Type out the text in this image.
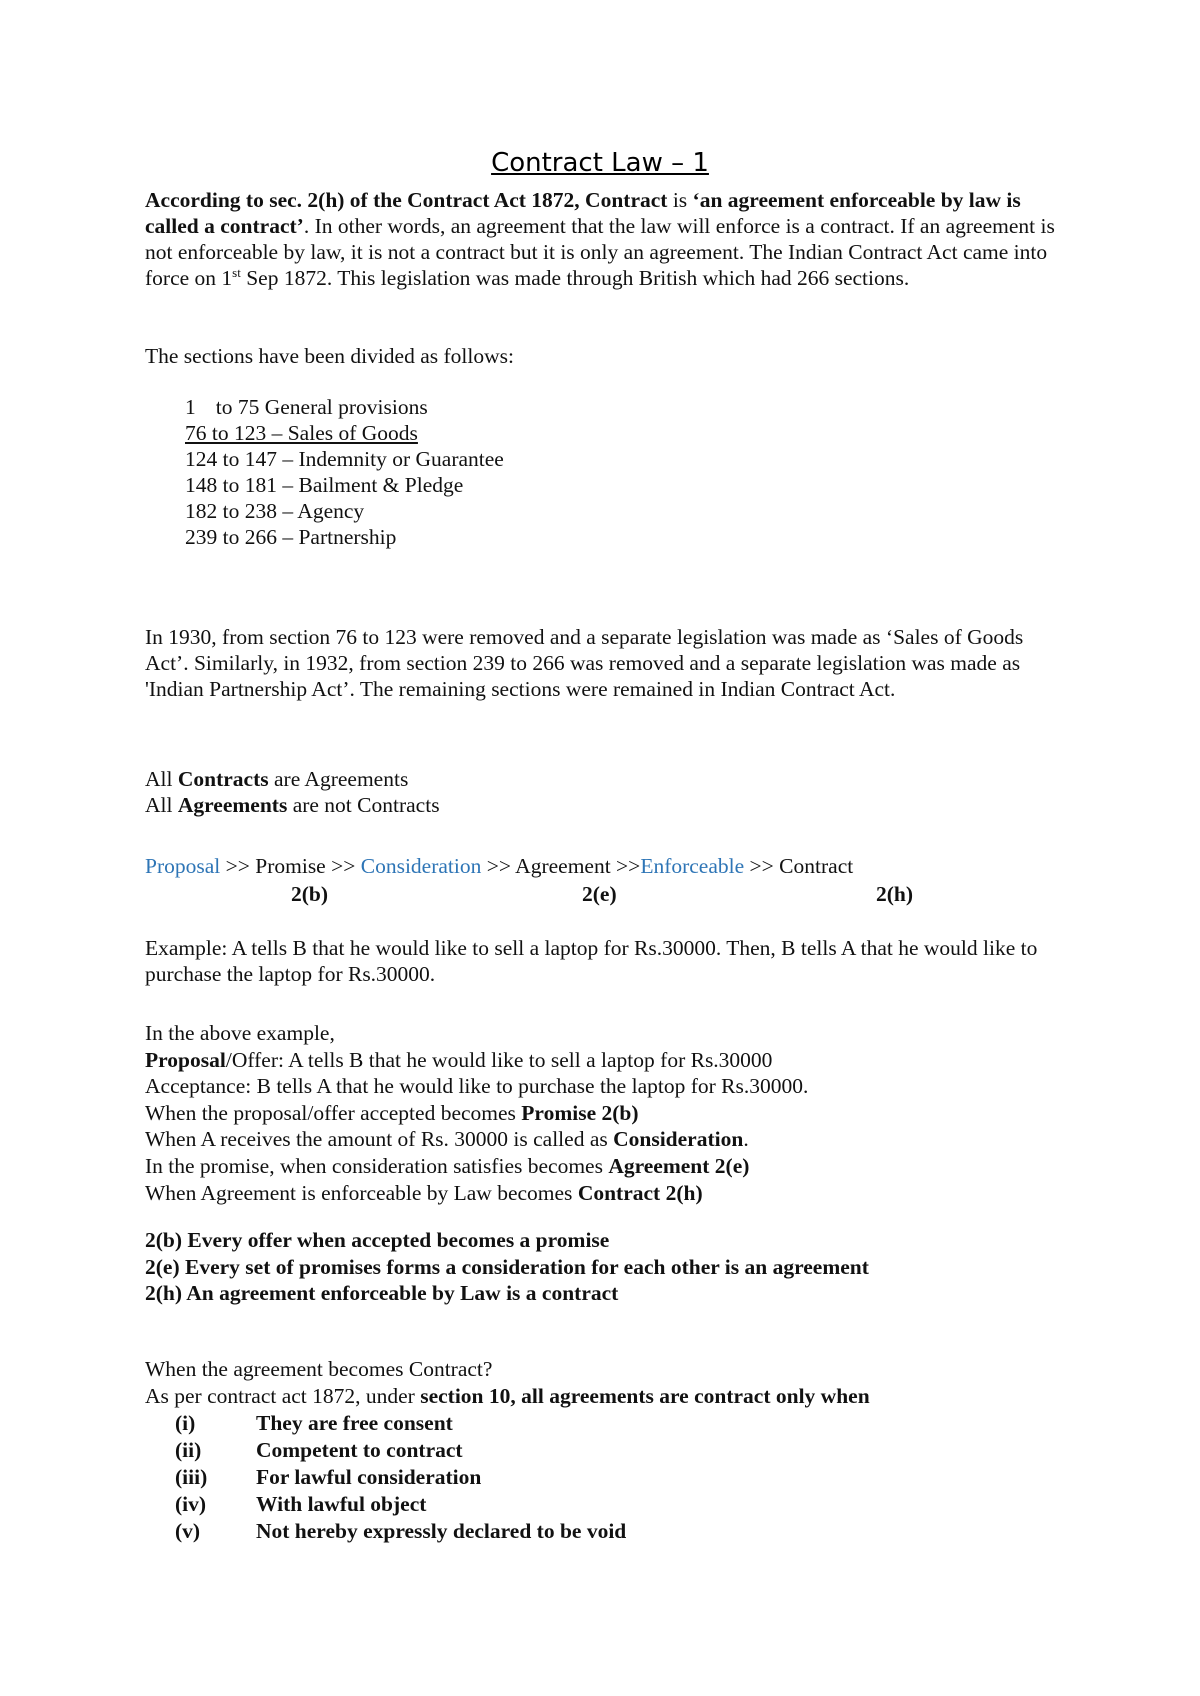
Contract Law – 1
According to sec. 2(h) of the Contract Act 1872, Contract is ‘an agreement enforceable by law is called a contract’. In other words, an agreement that the law will enforce is a contract. If an agreement is not enforceable by law, it is not a contract but it is only an agreement. The Indian Contract Act came into force on 1st Sep 1872. This legislation was made through British which had 266 sections.
The sections have been divided as follows:
1 to 75 General provisions
76 to 123 – Sales of Goods
124 to 147 – Indemnity or Guarantee
148 to 181 – Bailment & Pledge
182 to 238 – Agency
239 to 266 – Partnership
In 1930, from section 76 to 123 were removed and a separate legislation was made as ‘Sales of Goods Act’. Similarly, in 1932, from section 239 to 266 was removed and a separate legislation was made as 'Indian Partnership Act’. The remaining sections were remained in Indian Contract Act.
All Contracts are Agreements
All Agreements are not Contracts
Proposal >> Promise >> Consideration >> Agreement >>Enforceable >> Contract
2(b)	2(e)	2(h)
Example: A tells B that he would like to sell a laptop for Rs.30000. Then, B tells A that he would like to purchase the laptop for Rs.30000.
In the above example,
Proposal/Offer: A tells B that he would like to sell a laptop for Rs.30000
Acceptance: B tells A that he would like to purchase the laptop for Rs.30000.
When the proposal/offer accepted becomes Promise 2(b)
When A receives the amount of Rs. 30000 is called as Consideration.
In the promise, when consideration satisfies becomes Agreement 2(e)
When Agreement is enforceable by Law becomes Contract 2(h)
2(b) Every offer when accepted becomes a promise
2(e) Every set of promises forms a consideration for each other is an agreement
2(h) An agreement enforceable by Law is a contract
When the agreement becomes Contract?
As per contract act 1872, under section 10, all agreements are contract only when
(i)	They are free consent
(ii)	Competent to contract
(iii) For lawful consideration
(iv) With lawful object
(v)	Not hereby expressly declared to be void
